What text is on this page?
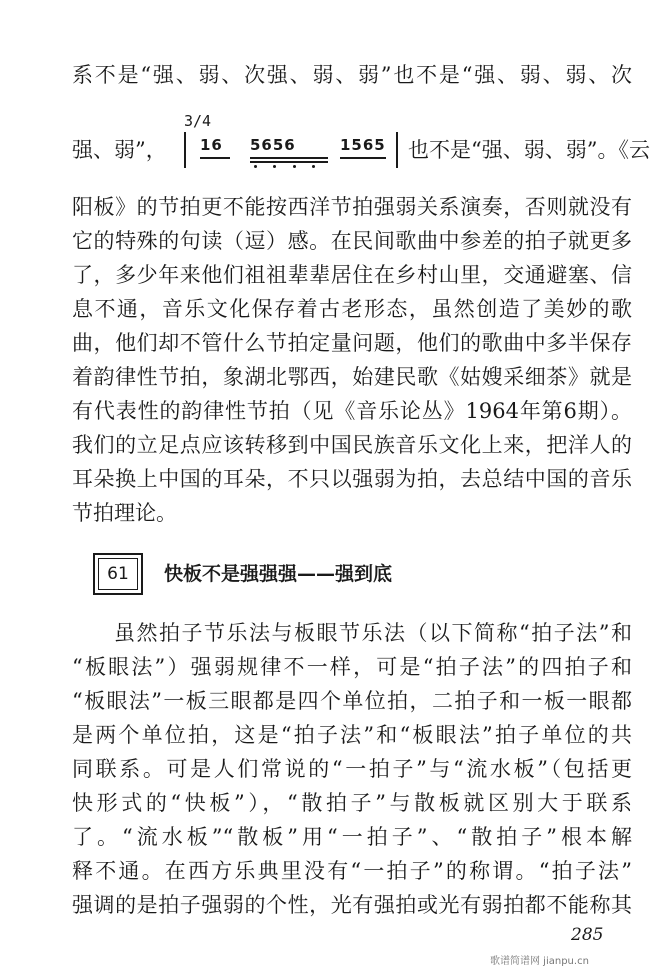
系不是“强、弱、次强、弱、弱”也不是“强、弱、弱、次
强、弱”，
3/4
16 5656	1565 也不是“强、弱、弱”。《云
阳板》的节拍更不能按西洋节拍强弱关系演奏，否则就没有
它的特殊的句读（逗）感。在民间歌曲中参差的拍子就更多
了，多少年来他们祖祖辈辈居住在乡村山里，交通避塞、信
息不通，音乐文化保存着古老形态，虽然创造了美妙的歌
曲，他们却不管什么节拍定量问题，他们的歌曲中多半保存
着韵律性节拍，象湖北鄂西，始建民歌《姑嫂采细茶》就是
有代表性的韵律性节拍（见《音乐论丛》1964年第6期）。
我们的立足点应该转移到中国民族音乐文化上来，把洋人的
耳朵换上中国的耳朵，不只以强弱为拍，去总结中国的音乐
节拍理论。
61	快板不是强强强——强到底
虽然拍子节乐法与板眼节乐法（以下简称“拍子法”和
“板眼法”）强弱规律不一样，可是“拍子法”的四拍子和
“板眼法”一板三眼都是四个单位拍，二拍子和一板一眼都
是两个单位拍，这是“拍子法”和“板眼法”拍子单位的共
同联系。可是人们常说的“一拍子”与“流水板”（包括更
快形式的“快板”），“散拍子”与散板就区别大于联系
了。“流水板”“散板”用“一拍子”、“散拍子”根本解
释不通。在西方乐典里没有“一拍子”的称谓。“拍子法”
强调的是拍子强弱的个性，光有强拍或光有弱拍都不能称其
285
歌谱简谱网 jianpu.cn
